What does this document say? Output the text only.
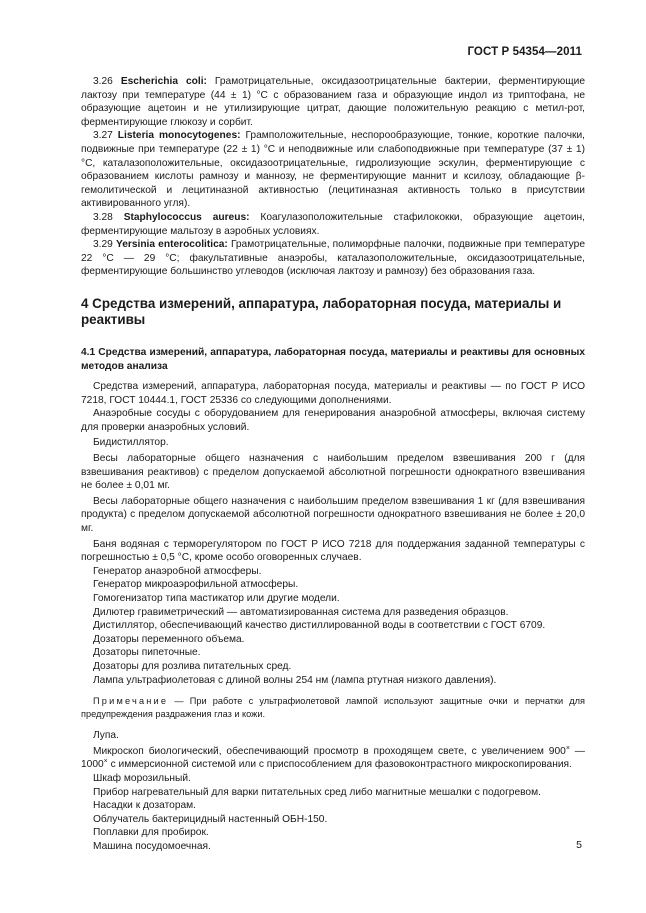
ГОСТ Р 54354—2011

3.26 Escherichia coli: Грамотрицательные, оксидазоотрицательные бактерии, ферментирующие лактозу при температуре (44 ± 1) °С с образованием газа и образующие индол из триптофана, не образующие ацетоин и не утилизирующие цитрат, дающие положительную реакцию с метил-рот, ферментирующие глюкозу и сорбит.

3.27 Listeria monocytogenes: Грамположительные, неспорообразующие, тонкие, короткие палочки, подвижные при температуре (22 ± 1) °С и неподвижные или слабоподвижные при температуре (37 ± 1) °С, каталазоположительные, оксидазоотрицательные, гидролизующие эскулин, ферментирующие с образованием кислоты рамнозу и маннозу, не ферментирующие маннит и ксилозу, обладающие β-гемолитической и лецитиназной активностью (лецитиназная активность только в присутствии активированного угля).

3.28 Staphylococcus aureus: Коагулазоположительные стафилококки, образующие ацетоин, ферментирующие мальтозу в аэробных условиях.

3.29 Yersinia enterocolitica: Грамотрицательные, полиморфные палочки, подвижные при температуре 22 °С — 29 °С; факультативные анаэробы, каталазоположительные, оксидазоотрицательные, ферментирующие большинство углеводов (исключая лактозу и рамнозу) без образования газа.

4 Средства измерений, аппаратура, лабораторная посуда, материалы и реактивы

4.1 Средства измерений, аппаратура, лабораторная посуда, материалы и реактивы для основных методов анализа

Средства измерений, аппаратура, лабораторная посуда, материалы и реактивы — по ГОСТ Р ИСО 7218, ГОСТ 10444.1, ГОСТ 25336 со следующими дополнениями.

Анаэробные сосуды с оборудованием для генерирования анаэробной атмосферы, включая систему для проверки анаэробных условий.

Бидистиллятор.

Весы лабораторные общего назначения с наибольшим пределом взвешивания 200 г (для взвешивания реактивов) с пределом допускаемой абсолютной погрешности однократного взвешивания не более ± 0,01 мг.

Весы лабораторные общего назначения с наибольшим пределом взвешивания 1 кг (для взвешивания продукта) с пределом допускаемой абсолютной погрешности однократного взвешивания не более ± 20,0 мг.

Баня водяная с терморегулятором по ГОСТ Р ИСО 7218 для поддержания заданной температуры с погрешностью ± 0,5 °С, кроме особо оговоренных случаев.

Генератор анаэробной атмосферы.

Генератор микроаэрофильной атмосферы.

Гомогенизатор типа мастикатор или другие модели.

Дилютер гравиметрический — автоматизированная система для разведения образцов.

Дистиллятор, обеспечивающий качество дистиллированной воды в соответствии с ГОСТ 6709.

Дозаторы переменного объема.

Дозаторы пипеточные.

Дозаторы для розлива питательных сред.

Лампа ультрафиолетовая с длиной волны 254 нм (лампа ртутная низкого давления).

Примечание — При работе с ультрафиолетовой лампой используют защитные очки и перчатки для предупреждения раздражения глаз и кожи.

Лупа.

Микроскоп биологический, обеспечивающий просмотр в проходящем свете, с увеличением 900× — 1000× с иммерсионной системой или с приспособлением для фазовоконтрастного микроскопирования.

Шкаф морозильный.

Прибор нагревательный для варки питательных сред либо магнитные мешалки с подогревом.

Насадки к дозаторам.

Облучатель бактерицидный настенный ОБН-150.

Поплавки для пробирок.

Машина посудомоечная.	5
